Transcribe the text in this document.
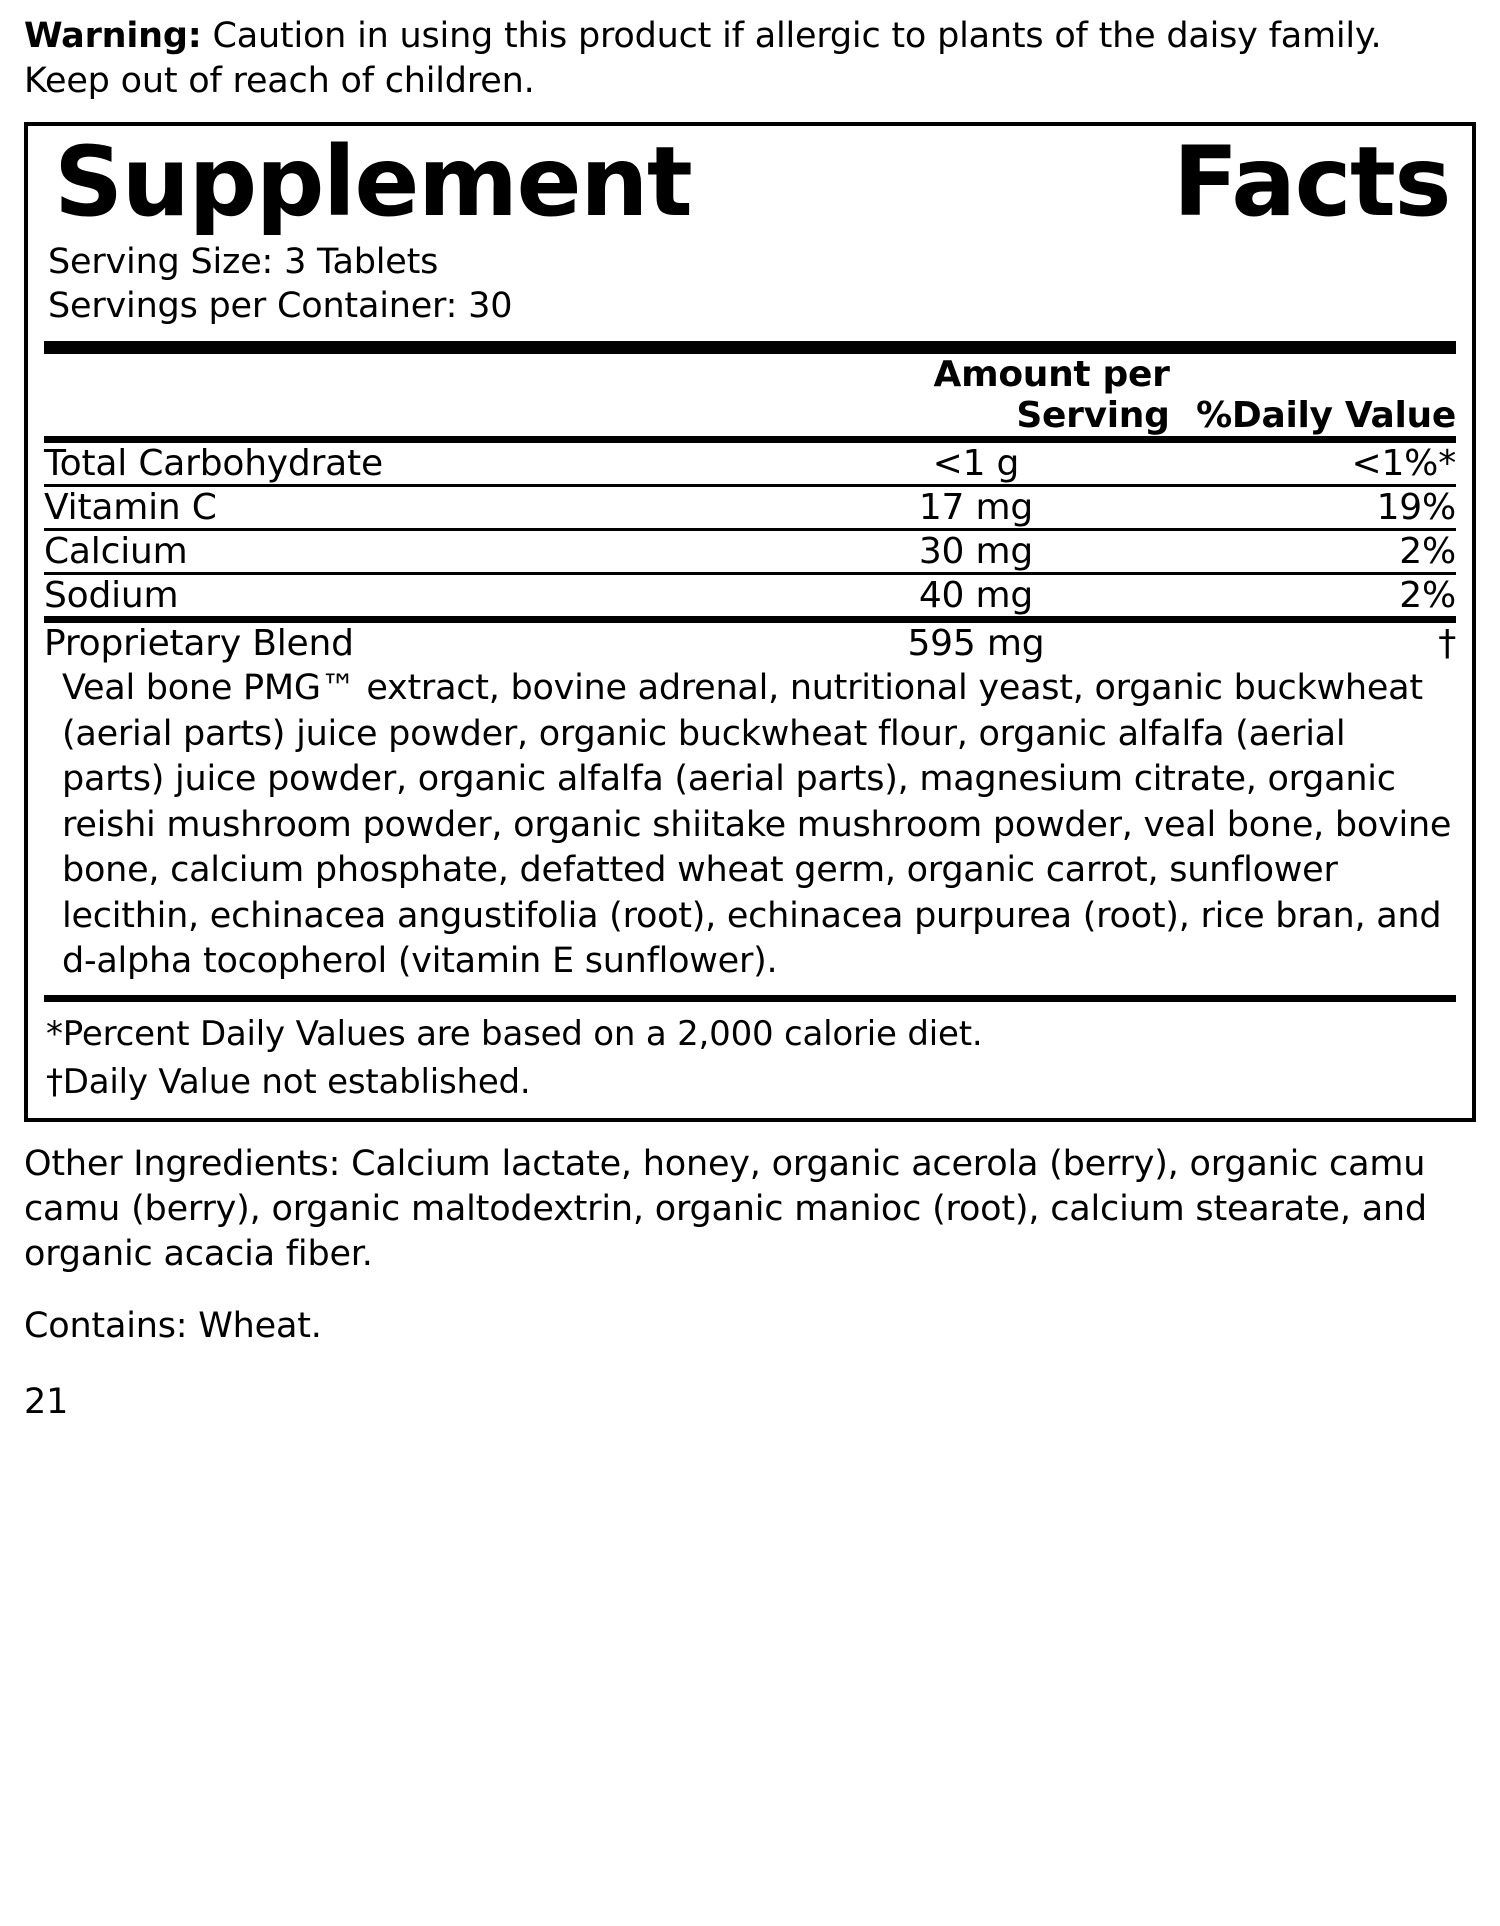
Warning: Caution in using this product if allergic to plants of the daisy family. Keep out of reach of children.

Supplement	Facts
Serving Size: 3 Tablets
Servings per Container: 30
	Amount per Serving	%Daily Value
Total Carbohydrate	<1 g	<1%*
Vitamin C	17 mg	19%
Calcium	30 mg	2%
Sodium	40 mg	2%
Proprietary Blend	595 mg	†
Veal bone PMG™ extract, bovine adrenal, nutritional yeast, organic buckwheat (aerial parts) juice powder, organic buckwheat flour, organic alfalfa (aerial parts) juice powder, organic alfalfa (aerial parts), magnesium citrate, organic reishi mushroom powder, organic shiitake mushroom powder, veal bone, bovine bone, calcium phosphate, defatted wheat germ, organic carrot, sunflower lecithin, echinacea angustifolia (root), echinacea purpurea (root), rice bran, and d-alpha tocopherol (vitamin E sunflower).
*Percent Daily Values are based on a 2,000 calorie diet.
†Daily Value not established.

Other Ingredients: Calcium lactate, honey, organic acerola (berry), organic camu camu (berry), organic maltodextrin, organic manioc (root), calcium stearate, and organic acacia fiber.

Contains: Wheat.

21
